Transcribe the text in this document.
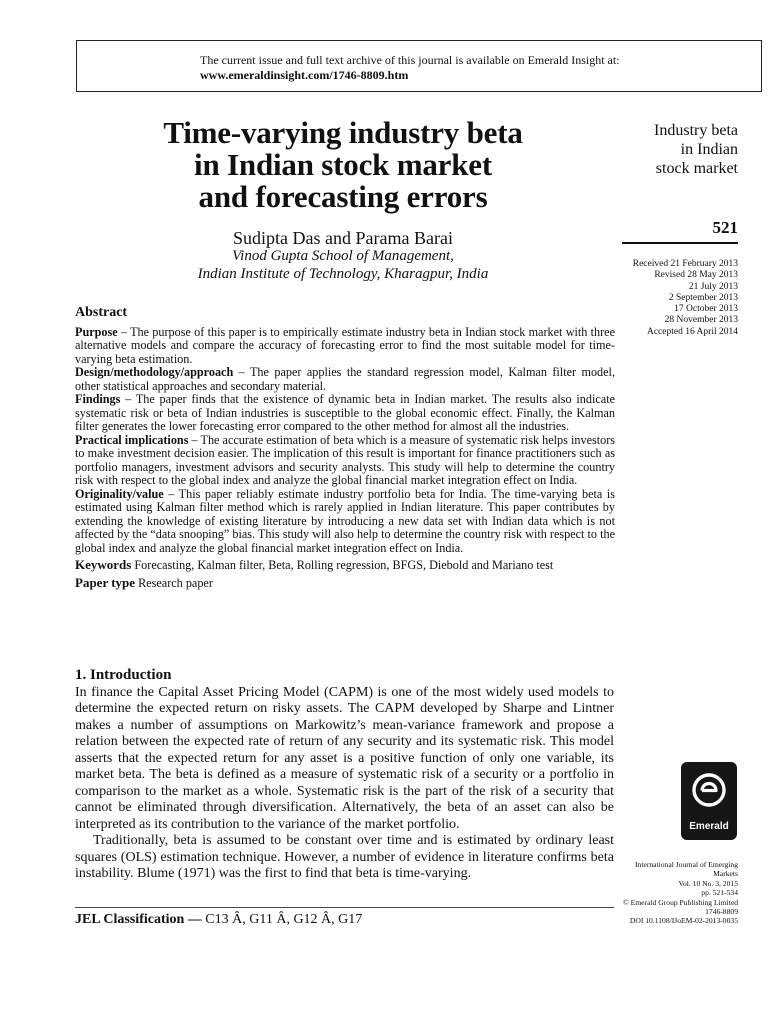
The current issue and full text archive of this journal is available on Emerald Insight at:
www.emeraldinsight.com/1746-8809.htm
Time-varying industry beta
in Indian stock market
and forecasting errors
Sudipta Das and Parama Barai
Vinod Gupta School of Management,
Indian Institute of Technology, Kharagpur, India
Industry beta
in Indian
stock market
521
Received 21 February 2013
Revised 28 May 2013
21 July 2013
2 September 2013
17 October 2013
28 November 2013
Accepted 16 April 2014
Abstract

Purpose – The purpose of this paper is to empirically estimate industry beta in Indian stock market with three alternative models and compare the accuracy of forecasting error to find the most suitable model for time-varying beta estimation.

Design/methodology/approach – The paper applies the standard regression model, Kalman filter model, other statistical approaches and secondary material.

Findings – The paper finds that the existence of dynamic beta in Indian market. The results also indicate systematic risk or beta of Indian industries is susceptible to the global economic effect. Finally, the Kalman filter generates the lower forecasting error compared to the other method for almost all the industries.

Practical implications – The accurate estimation of beta which is a measure of systematic risk helps investors to make investment decision easier. The implication of this result is important for finance practitioners such as portfolio managers, investment advisors and security analysts. This study will help to determine the country risk with respect to the global index and analyze the global financial market integration effect on India.

Originality/value – This paper reliably estimate industry portfolio beta for India. The time-varying beta is estimated using Kalman filter method which is rarely applied in Indian literature. This paper contributes by extending the knowledge of existing literature by introducing a new data set with Indian data which is not affected by the “data snooping” bias. This study will also help to determine the country risk with respect to the global index and analyze the global financial market integration effect on India.

Keywords Forecasting, Kalman filter, Beta, Rolling regression, BFGS, Diebold and Mariano test

Paper type Research paper

1. Introduction

In finance the Capital Asset Pricing Model (CAPM) is one of the most widely used models to determine the expected return on risky assets. The CAPM developed by Sharpe and Lintner makes a number of assumptions on Markowitz’s mean-variance framework and propose a relation between the expected rate of return of any security and its systematic risk. This model asserts that the expected return for any asset is a positive function of only one variable, its market beta. The beta is defined as a measure of systematic risk of a security or a portfolio in comparison to the market as a whole. Systematic risk is the part of the risk of a security that cannot be eliminated through diversification. Alternatively, the beta of an asset can also be interpreted as its contribution to the variance of the market portfolio.

Traditionally, beta is assumed to be constant over time and is estimated by ordinary least squares (OLS) estimation technique. However, a number of evidence in literature confirms beta instability. Blume (1971) was the first to find that beta is time-varying.

JEL Classification — C13 Â, G11 Â, G12 Â, G17
Emerald
International Journal of Emerging
Markets
Vol. 10 No. 3, 2015
pp. 521-534
© Emerald Group Publishing Limited
1746-8809
DOI 10.1108/IJoEM-02-2013-0035
